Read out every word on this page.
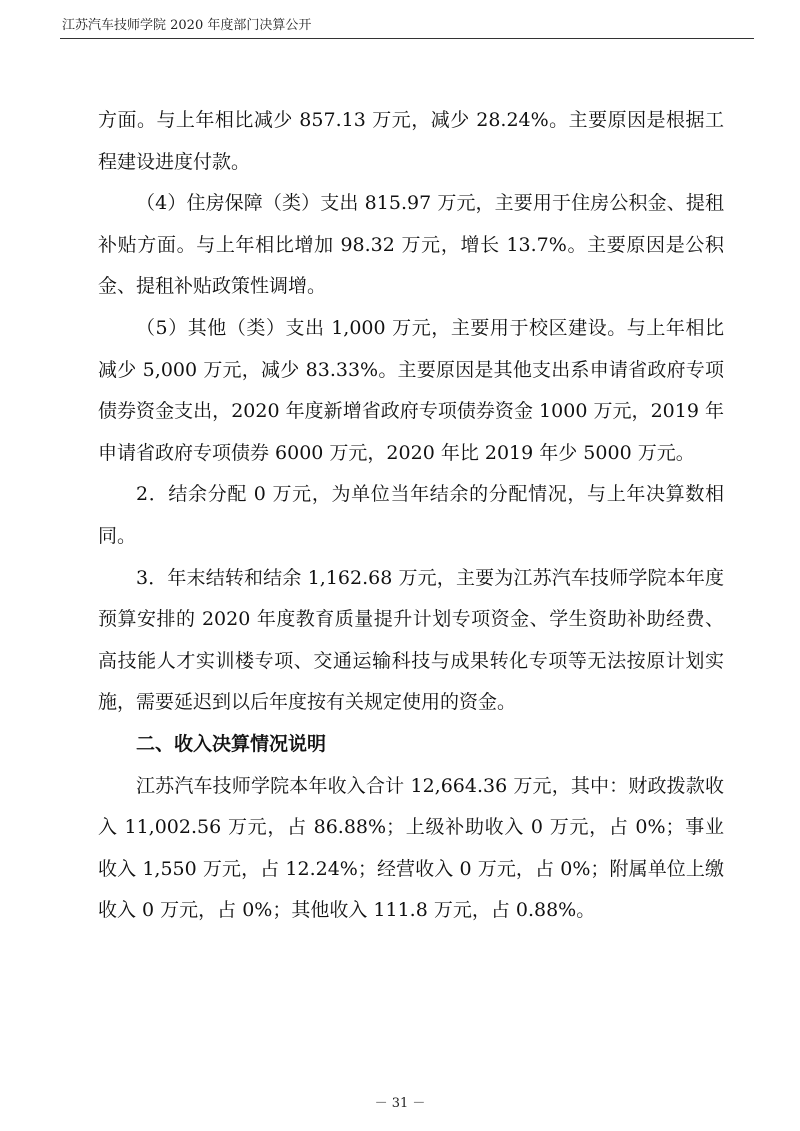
江苏汽车技师学院 2020 年度部门决算公开

方面。与上年相比减少 857.13 万元，减少 28.24%。主要原因是根据工程建设进度付款。

（4）住房保障（类）支出 815.97 万元，主要用于住房公积金、提租补贴方面。与上年相比增加 98.32 万元，增长 13.7%。主要原因是公积金、提租补贴政策性调增。

（5）其他（类）支出 1,000 万元，主要用于校区建设。与上年相比减少 5,000 万元，减少 83.33%。主要原因是其他支出系申请省政府专项债券资金支出，2020 年度新增省政府专项债券资金 1000 万元，2019 年申请省政府专项债券 6000 万元，2020 年比 2019 年少 5000 万元。

2．结余分配 0 万元，为单位当年结余的分配情况，与上年决算数相同。

3．年末结转和结余 1,162.68 万元，主要为江苏汽车技师学院本年度预算安排的 2020 年度教育质量提升计划专项资金、学生资助补助经费、高技能人才实训楼专项、交通运输科技与成果转化专项等无法按原计划实施，需要延迟到以后年度按有关规定使用的资金。

二、收入决算情况说明

江苏汽车技师学院本年收入合计 12,664.36 万元，其中：财政拨款收入 11,002.56 万元，占 86.88%；上级补助收入 0 万元，占 0%；事业收入 1,550 万元，占 12.24%；经营收入 0 万元，占 0%；附属单位上缴收入 0 万元，占 0%；其他收入 111.8 万元，占 0.88%。

－ 31 －
